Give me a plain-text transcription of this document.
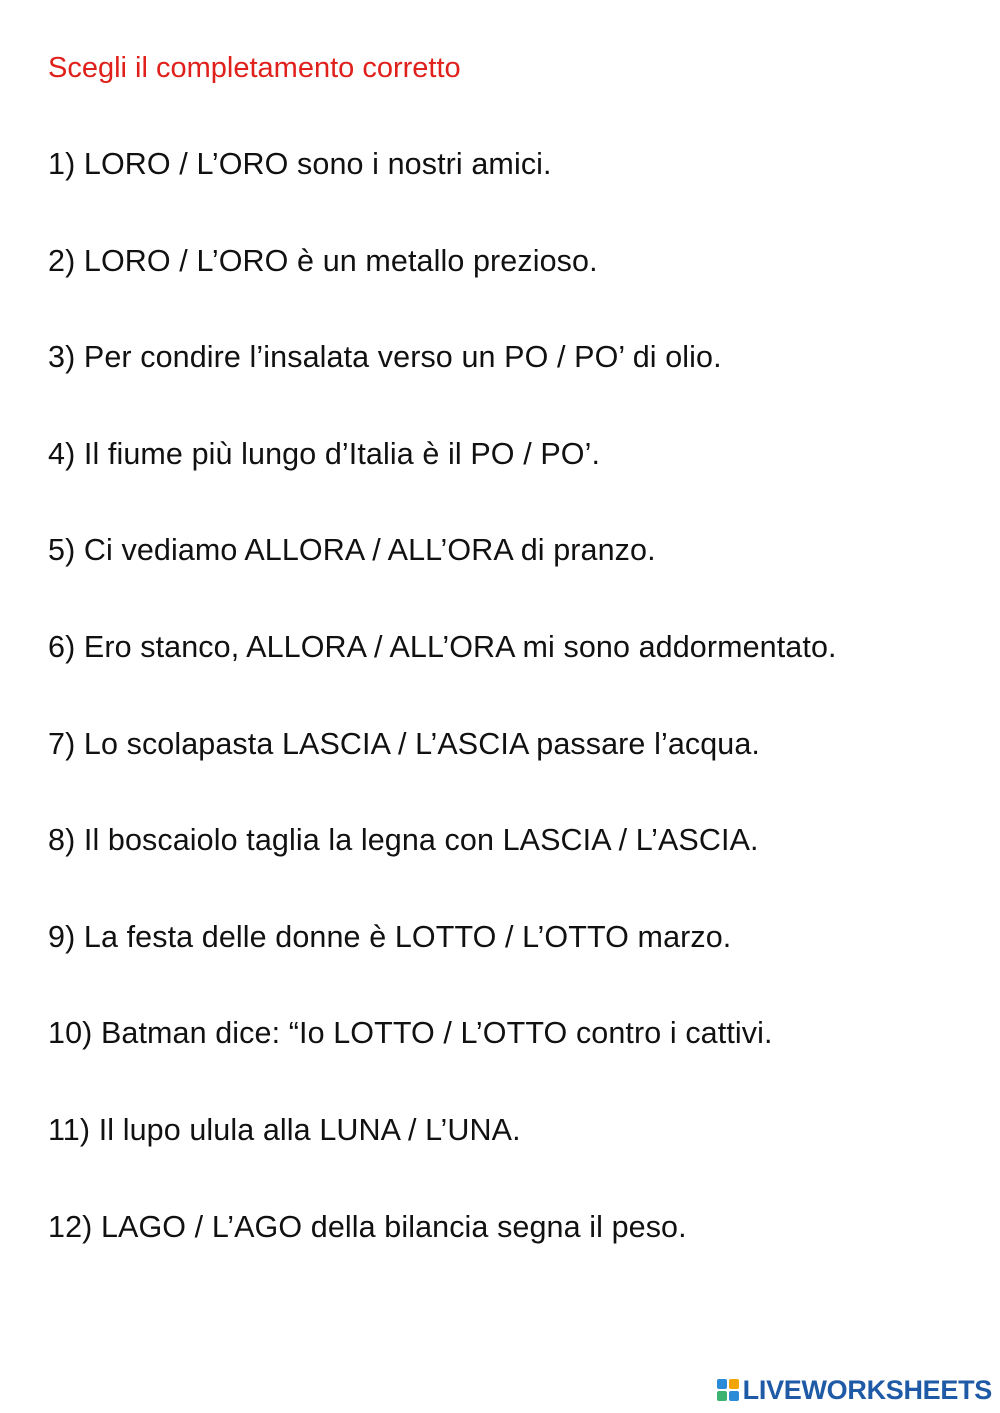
Scegli il completamento corretto
1) LORO / L’ORO sono i nostri amici.
2) LORO / L’ORO è un metallo prezioso.
3) Per condire l’insalata verso un PO / PO’ di olio.
4) Il fiume più lungo d’Italia è il PO / PO’.
5) Ci vediamo ALLORA / ALL’ORA di pranzo.
6) Ero stanco, ALLORA / ALL’ORA mi sono addormentato.
7) Lo scolapasta LASCIA / L’ASCIA passare l’acqua.
8) Il boscaiolo taglia la legna con LASCIA / L’ASCIA.
9) La festa delle donne è LOTTO / L’OTTO marzo.
10) Batman dice: “Io LOTTO / L’OTTO contro i cattivi.
11) Il lupo ulula alla LUNA / L’UNA.
12) LAGO / L’AGO della bilancia segna il peso.
LIVEWORKSHEETS
